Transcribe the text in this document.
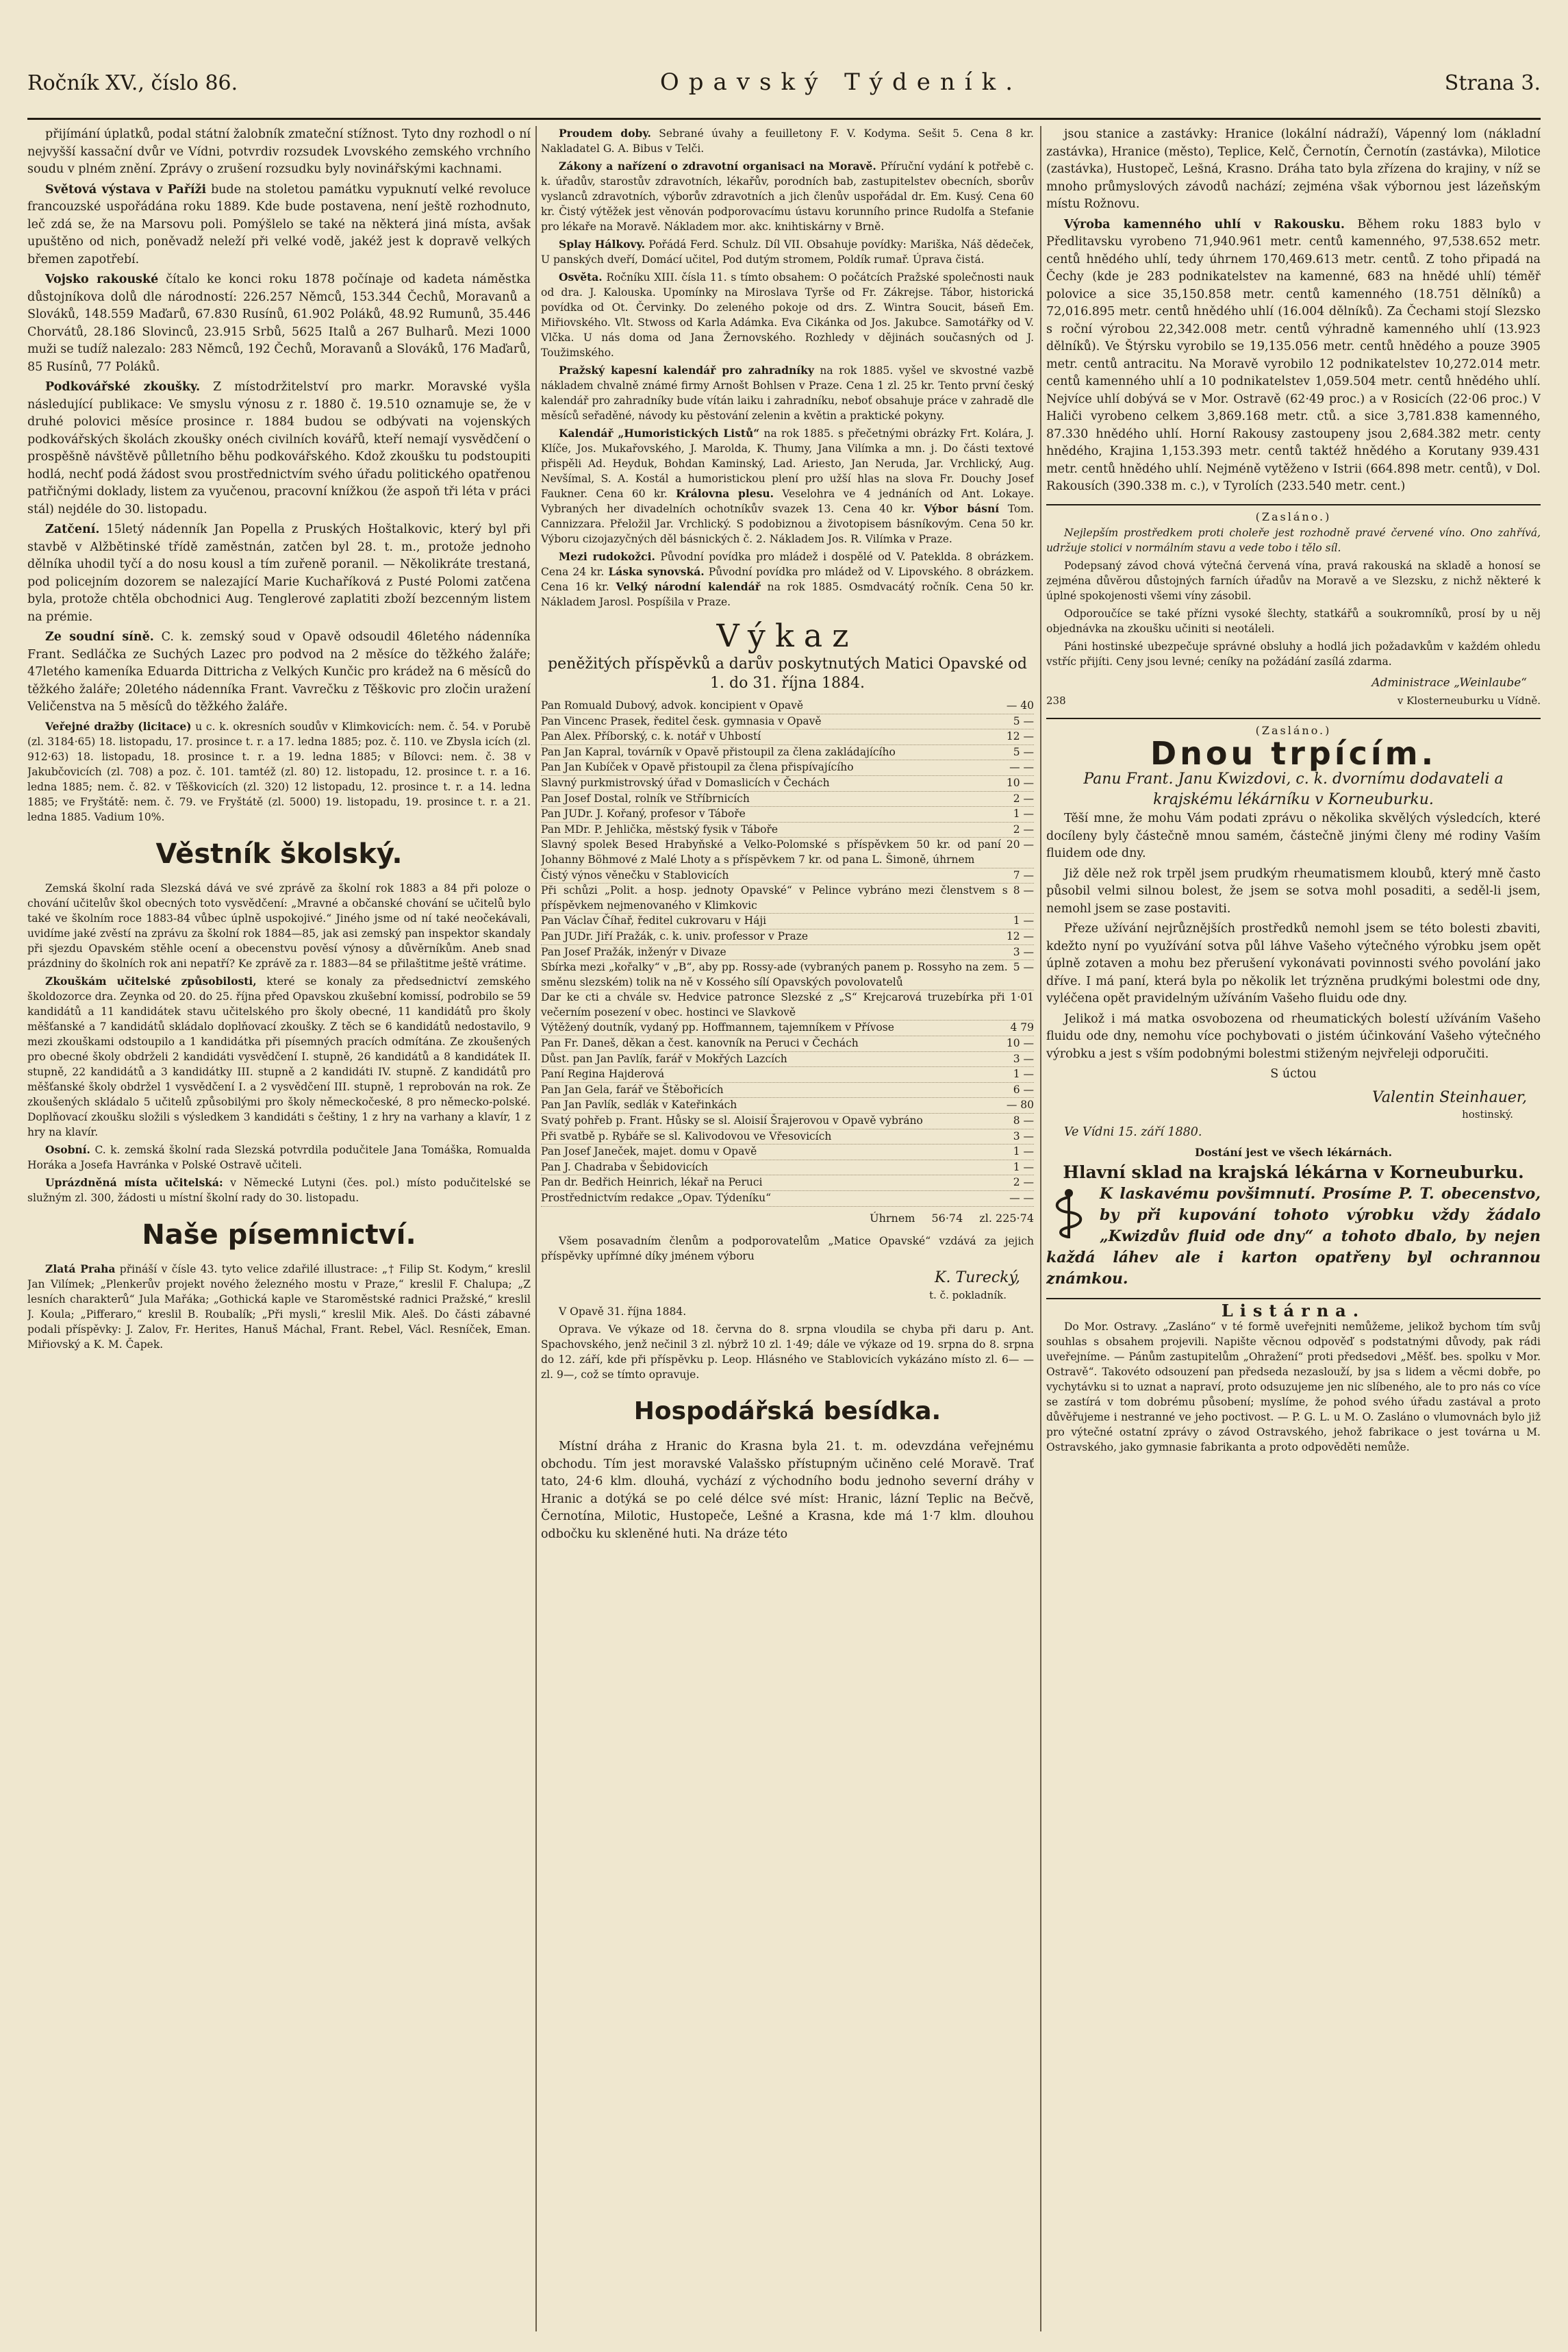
Ročník XV., číslo 86.	Opavský Týdeník.	Strana 3.

přijímání úplatků, podal státní žalobník zmateční stížnost. Tyto dny rozhodl o ní nejvyšší kassační dvůr ve Vídni, potvrdiv rozsudek Lvovského zemského vrchního soudu v plném znění. Zprávy o zrušení rozsudku byly novinářskými kachnami.

Světová výstava v Paříži bude na stoletou památku vypuknutí velké revoluce francouzské uspořádána roku 1889. Kde bude postavena, není ještě rozhodnuto, leč zdá se, že na Marsovu poli. Pomýšlelo se také na některá jiná místa, avšak upuštěno od nich, poněvadž neleží při velké vodě, jakéž jest k dopravě velkých břemen zapotřebí.

Vojsko rakouské čítalo ke konci roku 1878 počínaje od kadeta náměstka důstojníkova dolů dle národností: 226.257 Němců, 153.344 Čechů, Moravanů a Slováků, 148.559 Maďarů, 67.830 Rusínů, 61.902 Poláků, 48.92 Rumunů, 35.446 Chorvátů, 28.186 Slovinců, 23.915 Srbů, 5625 Italů a 267 Bulharů. Mezi 1000 muži se tudíž nalezalo: 283 Němců, 192 Čechů, Moravanů a Slováků, 176 Maďarů, 85 Rusínů, 77 Poláků.

Podkovářské zkoušky. Z místodržitelství pro markr. Moravské vyšla následující publikace: Ve smyslu výnosu z r. 1880 č. 19.510 oznamuje se, že v druhé polovici měsíce prosince r. 1884 budou se odbývati na vojenských podkovářských školách zkoušky onéch civilních kovářů, kteří nemají vysvědčení o prospěšně návštěvě půlletního běhu podkovářského. Kdož zkoušku tu podstoupiti hodlá, nechť podá žádost svou prostřednictvím svého úřadu politického opatřenou patřičnými doklady, listem za vyučenou, pracovní knížkou (že aspoň tři léta v práci stál) nejdéle do 30. listopadu.

Zatčení. 15letý nádenník Jan Popella z Pruských Hoštalkovic, který byl při stavbě v Alžbětinské třídě zaměstnán, zatčen byl 28. t. m., protože jednoho dělníka uhodil tyčí a do nosu kousl a tím zuřeně poranil. — Několikráte trestaná, pod policejním dozorem se nalezající Marie Kuchaříková z Pusté Polomi zatčena byla, protože chtěla obchodnici Aug. Tenglerové zaplatiti zboží bezcenným listem na prémie.

Ze soudní síně. C. k. zemský soud v Opavě odsoudil 46letého nádenníka Frant. Sedláčka ze Suchých Lazec pro podvod na 2 měsíce do těžkého žaláře; 47letého kameníka Eduarda Dittricha z Velkých Kunčic pro krádež na 6 měsíců do těžkého žaláře; 20letého nádenníka Frant. Vavrečku z Těškovic pro zločin uražení Veličenstva na 5 měsíců do těžkého žaláře.

Veřejné dražby (licitace) u c. k. okresních soudův v Klimkovicích: nem. č. 54. v Porubě (zl. 3184·65) 18. listopadu, 17. prosince t. r. a 17. ledna 1885; poz. č. 110. ve Zbysla icích (zl. 912·63) 18. listopadu, 18. prosince t. r. a 19. ledna 1885; v Bílovci: nem. č. 38 v Jakubčovicích (zl. 708) a poz. č. 101. tamtéž (zl. 80) 12. listopadu, 12. prosince t. r. a 16. ledna 1885; nem. č. 82. v Těškovicích (zl. 320) 12 listopadu, 12. prosince t. r. a 14. ledna 1885; ve Fryštátě: nem. č. 79. ve Fryštátě (zl. 5000) 19. listopadu, 19. prosince t. r. a 21. ledna 1885. Vadium 10%.

Věstník školský.

Zemská školní rada Slezská dává ve své zprávě za školní rok 1883 a 84 při poloze o chování učitelův škol obecných toto vysvědčení: „Mravné a občanské chování se učitelů bylo také ve školním roce 1883-84 vůbec úplně uspokojivé.“ Jiného jsme od ní také neočekávali, uvidíme jaké zvěstí na zprávu za školní rok 1884—85, jak asi zemský pan inspektor skandaly při sjezdu Opavském stěhle ocení a obecenstvu pověsí výnosy a důvěrníkům. Aneb snad prázdniny do školních rok ani nepatří? Ke zprávě za r. 1883—84 se přilaštitme ještě vrátime.

Zkouškám učitelské způsobilosti, které se konaly za předsednictví zemského školdozorce dra. Zeynka od 20. do 25. října před Opavskou zkušební komissí, podrobilo se 59 kandidátů a 11 kandidátek stavu učitelského pro školy obecné, 11 kandidátů pro školy měšťanské a 7 kandidátů skládalo doplňovací zkoušky. Z těch se 6 kandidátů nedostavilo, 9 mezi zkouškami odstoupilo a 1 kandidátka při písemných pracích odmítána. Ze zkoušených pro obecné školy obdrželi 2 kandidáti vysvědčení I. stupně, 26 kandidátů a 8 kandidátek II. stupně, 22 kandidátů a 3 kandidátky III. stupně a 2 kandidáti IV. stupně. Z kandidátů pro měšťanské školy obdržel 1 vysvědčení I. a 2 vysvědčení III. stupně, 1 reprobován na rok. Ze zkoušených skládalo 5 učitelů způsobilými pro školy německočeské, 8 pro německo-polské. Doplňovací zkoušku složili s výsledkem 3 kandidáti s češtiny, 1 z hry na varhany a klavír, 1 z hry na klavír.

Osobní. C. k. zemská školní rada Slezská potvrdila podučitele Jana Tomáška, Romualda Horáka a Josefa Havránka v Polské Ostravě učiteli.

Uprázdněná místa učitelská: v Německé Lutyni (čes. pol.) místo podučitelské se služným zl. 300, žádosti u místní školní rady do 30. listopadu.

Naše písemnictví.

Zlatá Praha přináší v čísle 43. tyto velice zdařilé illustrace: „† Filip St. Kodym,“ kreslil Jan Vilímek; „Plenkerův projekt nového železného mostu v Praze,“ kreslil F. Chalupa; „Z lesních charakterů“ Jula Mařáka; „Gothická kaple ve Staroměstské radnici Pražské,“ kreslil J. Koula; „Pifferaro,“ kreslil B. Roubalík; „Při mysli,“ kreslil Mik. Aleš. Do části zábavné podali příspěvky: J. Zalov, Fr. Herites, Hanuš Máchal, Frant. Rebel, Václ. Resníček, Eman. Miřiovský a K. M. Čapek.

Proudem doby. Sebrané úvahy a feuilletony F. V. Kodyma. Sešit 5. Cena 8 kr. Nakladatel G. A. Bibus v Telči.

Zákony a nařízení o zdravotní organisaci na Moravě. Příruční vydání k potřebě c. k. úřadův, starostův zdravotních, lékařův, porodních bab, zastupitelstev obecních, sborův vyslanců zdravotních, výborův zdravotních a jich členův uspořádal dr. Em. Kusý. Cena 60 kr. Čistý výtěžek jest věnován podporovacímu ústavu korunního prince Rudolfa a Stefanie pro lékaře na Moravě. Nákladem mor. akc. knihtiskárny v Brně.

Splay Hálkovy. Pořádá Ferd. Schulz. Díl VII. Obsahuje povídky: Mariška, Náš dědeček, U panských dveří, Domácí učitel, Pod dutým stromem, Poldík rumař. Úprava čistá.

Osvěta. Ročníku XIII. čísla 11. s tímto obsahem: O počátcích Pražské společnosti nauk od dra. J. Kalouska. Upomínky na Miroslava Tyrše od Fr. Zákrejse. Tábor, historická povídka od Ot. Červinky. Do zeleného pokoje od drs. Z. Wintra Soucit, báseň Em. Miřiovského. Vlt. Stwoss od Karla Adámka. Eva Cikánka od Jos. Jakubce. Samotářky od V. Vlčka. U nás doma od Jana Žernovského. Rozhledy v dějinách současných od J. Toužimského.

Pražský kapesní kalendář pro zahradníky na rok 1885. vyšel ve skvostné vazbě nákladem chvalně známé firmy Arnošt Bohlsen v Praze. Cena 1 zl. 25 kr. Tento první český kalendář pro zahradníky bude vítán laiku i zahradníku, neboť obsahuje práce v zahradě dle měsíců seřaděné, návody ku pěstování zelenin a květin a praktické pokyny.

Kalendář „Humoristických Listů“ na rok 1885. s přečetnými obrázky Frt. Kolára, J. Klíče, Jos. Mukařovského, J. Marolda, K. Thumy, Jana Vilímka a mn. j. Do části textové přispěli Ad. Heyduk, Bohdan Kaminský, Lad. Ariesto, Jan Neruda, Jar. Vrchlický, Aug. Nevšímal, S. A. Kostál a humoristickou plení pro užší hlas na slova Fr. Douchy Josef Faukner. Cena 60 kr. Královna plesu. Veselohra ve 4 jednáních od Ant. Lokaye. Vybraných her divadelních ochotníkův svazek 13. Cena 40 kr. Výbor básní Tom. Cannizzara. Přeložil Jar. Vrchlický. S podobiznou a životopisem básníkovým. Cena 50 kr. Výboru cizojazyčných děl básnických č. 2. Nákladem Jos. R. Vilímka v Praze.

Mezi rudokožci. Původní povídka pro mládež i dospělé od V. Pateklda. 8 obrázkem. Cena 24 kr. Láska synovská. Původní povídka pro mládež od V. Lipovského. 8 obrázkem. Cena 16 kr. Velký národní kalendář na rok 1885. Osmdvacátý ročník. Cena 50 kr. Nákladem Jarosl. Pospíšila v Praze.

Výkaz
peněžitých příspěvků a darův poskytnutých Matici Opavské od 1. do 31. října 1884.
Pan Romuald Dubový, advok. koncipient v Opavě	— 40
Pan Vincenc Prasek, ředitel česk. gymnasia v Opavě	5 —
Pan Alex. Příborský, c. k. notář v Uhbostí	12 —
Pan Jan Kapral, továrník v Opavě přistoupil za člena zakládajícího	5 —
Pan Jan Kubíček v Opavě přistoupil za člena přispívajícího	— —
Slavný purkmistrovský úřad v Domaslicích v Čechách	10 —
Pan Josef Dostal, rolník ve Stříbrnicích	2 —
Pan JUDr. J. Kořaný, profesor v Táboře	1 —
Pan MDr. P. Jehlička, městský fysik v Táboře	2 —
Slavný spolek Besed Hrabyňské a Velko-Polomské s příspěvkem 50 kr. od paní Johanny Böhmové z Malé Lhoty a s příspěvkem 7 kr. od pana L. Šimoně, úhrnem
20 —
Čistý výnos věnečku v Stablovicích	7 —
Při schůzi „Polit. a hosp. jednoty Opavské“ v Pelince vybráno mezi členstvem s příspěvkem nejmenovaného v Klimkovic
8 —
Pan Václav Číhař, ředitel cukrovaru v Háji	1 —
Pan JUDr. Jiří Pražák, c. k. univ. professor v Praze	12 —
Pan Josef Pražák, inženýr v Divaze	3 —
Sbírka mezi „kořalky“ v „B“, aby pp. Rossy-ade (vybraných panem p. Rossyho na zem. směnu slezském) tolik na ně v Kossého sílí Opavských povolovatelů
5 —
Dar ke cti a chvále sv. Hedvice patronce Slezské z „S“ Krejcarová truzebírka při večerním posezení v obec. hostinci ve Slavkově
1·01
Výtěžený doutník, vydaný pp. Hoffmannem, tajemníkem v Přívose	4 79
Pan Fr. Daneš, děkan a čest. kanovník na Peruci v Čechách	10 —
Důst. pan Jan Pavlík, farář v Mokřých Lazcích	3 —
Paní Regina Hajderová	1 —
Pan Jan Gela, farář ve Štěbořicích	6 —
Pan Jan Pavlík, sedlák v Kateřinkách	— 80
Svatý pohřeb p. Frant. Hůsky se sl. Aloisií Šrajerovou v Opavě vybráno	8 —
Při svatbě p. Rybáře se sl. Kalivodovou ve Vřesovicích	3 —
Pan Josef Janeček, majet. domu v Opavě	1 —
Pan J. Chadraba v Šebidovicích	1 —
Pan dr. Bedřich Heinrich, lékař na Peruci	2 —
Prostřednictvím redakce „Opav. Týdeníku“	— —
Úhrnem 56·74 zl. 225·74

Všem posavadním členům a podporovatelům „Matice Opavské“ vzdává za jejich příspěvky upřímné díky jménem výboru

K. Turecký,
t. č. pokladník.

V Opavě 31. října 1884.

Oprava. Ve výkaze od 18. června do 8. srpna vloudila se chyba při daru p. Ant. Spachovského, jenž nečinil 3 zl. nýbrž 10 zl. 1·49; dále ve výkaze od 19. srpna do 8. srpna do 12. září, kde při příspěvku p. Leop. Hlásného ve Stablovicích vykázáno místo zl. 6— — zl. 9—, což se tímto opravuje.

Hospodářská besídka.

Místní dráha z Hranic do Krasna byla 21. t. m. odevzdána veřejnému obchodu. Tím jest moravské Valašsko přístupným učiněno celé Moravě. Trať tato, 24·6 klm. dlouhá, vychází z východního bodu jednoho severní dráhy v Hranic a dotýká se po celé délce své míst: Hranic, lázní Teplic na Bečvě, Černotína, Milotic, Hustopeče, Lešné a Krasna, kde má 1·7 klm. dlouhou odbočku ku skleněné huti. Na dráze této

jsou stanice a zastávky: Hranice (lokální nádraží), Vápenný lom (nákladní zastávka), Hranice (město), Teplice, Kelč, Černotín, Černotín (zastávka), Milotice (zastávka), Hustopeč, Lešná, Krasno. Dráha tato byla zřízena do krajiny, v níž se mnoho průmyslových závodů nachází; zejména však výbornou jest lázeňským místu Rožnovu.

Výroba kamenného uhlí v Rakousku. Během roku 1883 bylo v Předlitavsku vyrobeno 71,940.961 metr. centů kamenného, 97,538.652 metr. centů hnědého uhlí, tedy úhrnem 170,469.613 metr. centů. Z toho připadá na Čechy (kde je 283 podnikatelstev na kamenné, 683 na hnědé uhlí) téměř polovice a sice 35,150.858 metr. centů kamenného (18.751 dělníků) a 72,016.895 metr. centů hnědého uhlí (16.004 dělníků). Za Čechami stojí Slezsko s roční výrobou 22,342.008 metr. centů výhradně kamenného uhlí (13.923 dělníků). Ve Štýrsku vyrobilo se 19,135.056 metr. centů hnědého a pouze 3905 metr. centů antracitu. Na Moravě vyrobilo 12 podnikatelstev 10,272.014 metr. centů kamenného uhlí a 10 podnikatelstev 1,059.504 metr. centů hnědého uhlí. Nejvíce uhlí dobývá se v Mor. Ostravě (62·49 proc.) a v Rosicích (22·06 proc.) V Haliči vyrobeno celkem 3,869.168 metr. ctů. a sice 3,781.838 kamenného, 87.330 hnědého uhlí. Horní Rakousy zastoupeny jsou 2,684.382 metr. centy hnědého, Krajina 1,153.393 metr. centů taktéž hnědého a Korutany 939.431 metr. centů hnědého uhlí. Nejméně vytěženo v Istrii (664.898 metr. centů), v Dol. Rakousích (390.338 m. c.), v Tyrolích (233.540 metr. cent.)

(Zasláno.)

Nejlepším prostředkem proti choleře jest rozhodně pravé červené víno. Ono zahřívá, udržuje stolici v normálním stavu a vede tobo i tělo síl.

Podepsaný závod chová výtečná červená vína, pravá rakouská na skladě a honosí se zejména důvěrou důstojných farních úřadův na Moravě a ve Slezsku, z nichž některé k úplné spokojenosti všemi víny zásobil.

Odporoučíce se také přízni vysoké šlechty, statkářů a soukromníků, prosí by u něj objednávka na zkoušku učiniti si neotáleli.

Páni hostinské ubezpečuje správné obsluhy a hodlá jich požadavkům v každém ohledu vstříc přijíti. Ceny jsou levné; ceníky na požádání zasílá zdarma.

Administrace „Weinlaube“
238	v Klosterneuburku u Vídně.
(Zasláno.)
Dnou trpícím.
Panu Frant. Janu Kwizdovi, c. k. dvornímu dodavateli a krajskému lékárníku v Korneuburku.

Těší mne, že mohu Vám podati zprávu o několika skvělých výsledcích, které docíleny byly částečně mnou samém, částečně jinými členy mé rodiny Vaším fluidem ode dny.

Již děle než rok trpěl jsem prudkým rheumatismem kloubů, který mně často působil velmi silnou bolest, že jsem se sotva mohl posaditi, a seděl-li jsem, nemohl jsem se zase postaviti.

Přeze užívání nejrůznějších prostředků nemohl jsem se této bolesti zbaviti, kdežto nyní po využívání sotva půl láhve Vašeho výtečného výrobku jsem opět úplně zotaven a mohu bez přerušení vykonávati povinnosti svého povolání jako dříve. I má paní, která byla po několik let trýzněna prudkými bolestmi ode dny, vyléčena opět pravidelným užíváním Vašeho fluidu ode dny.

Jelikož i má matka osvobozena od rheumatických bolestí užíváním Vašeho fluidu ode dny, nemohu více pochybovati o jistém účinkování Vašeho výtečného výrobku a jest s vším podobnými bolestmi stiženým nejvřeleji odporučiti.

S úctou
Valentin Steinhauer,
hostinský.

Ve Vídni 15. září 1880.

Dostání jest ve všech lékárnách.
Hlavní sklad na krajská lékárna v Korneuburku.
K laskavému povšimnutí. Prosíme P. T. obecenstvo, by při kupování tohoto výrobku vždy žádalo „Kwizdův fluid ode dny“ a tohoto dbalo, by nejen každá láhev ale i karton opatřeny byl ochrannou známkou.
Listárna.

Do Mor. Ostravy. „Zasláno“ v té formě uveřejniti nemůžeme, jelikož bychom tím svůj souhlas s obsahem projevili. Napište věcnou odpověď s podstatnými důvody, pak rádi uveřejníme. — Pánům zastupitelům „Ohražení“ proti předsedovi „Měšť. bes. spolku v Mor. Ostravě“. Takovéto odsouzení pan předseda nezaslouží, by jsa s lidem a věcmi dobře, po vychytávku si to uznat a napraví, proto odsuzujeme jen nic slíbeného, ale to pro nás co více se zastírá v tom dobrému působení; myslíme, že pohod svého úřadu zastával a proto důvěřujeme i nestranné ve jeho poctivost. — P. G. L. u M. O. Zasláno o vlumovnách bylo již pro výtečné ostatní zprávy o závod Ostravského, jehož fabrikace o jest továrna u M. Ostravského, jako gymnasie fabrikanta a proto odpověděti nemůže.
